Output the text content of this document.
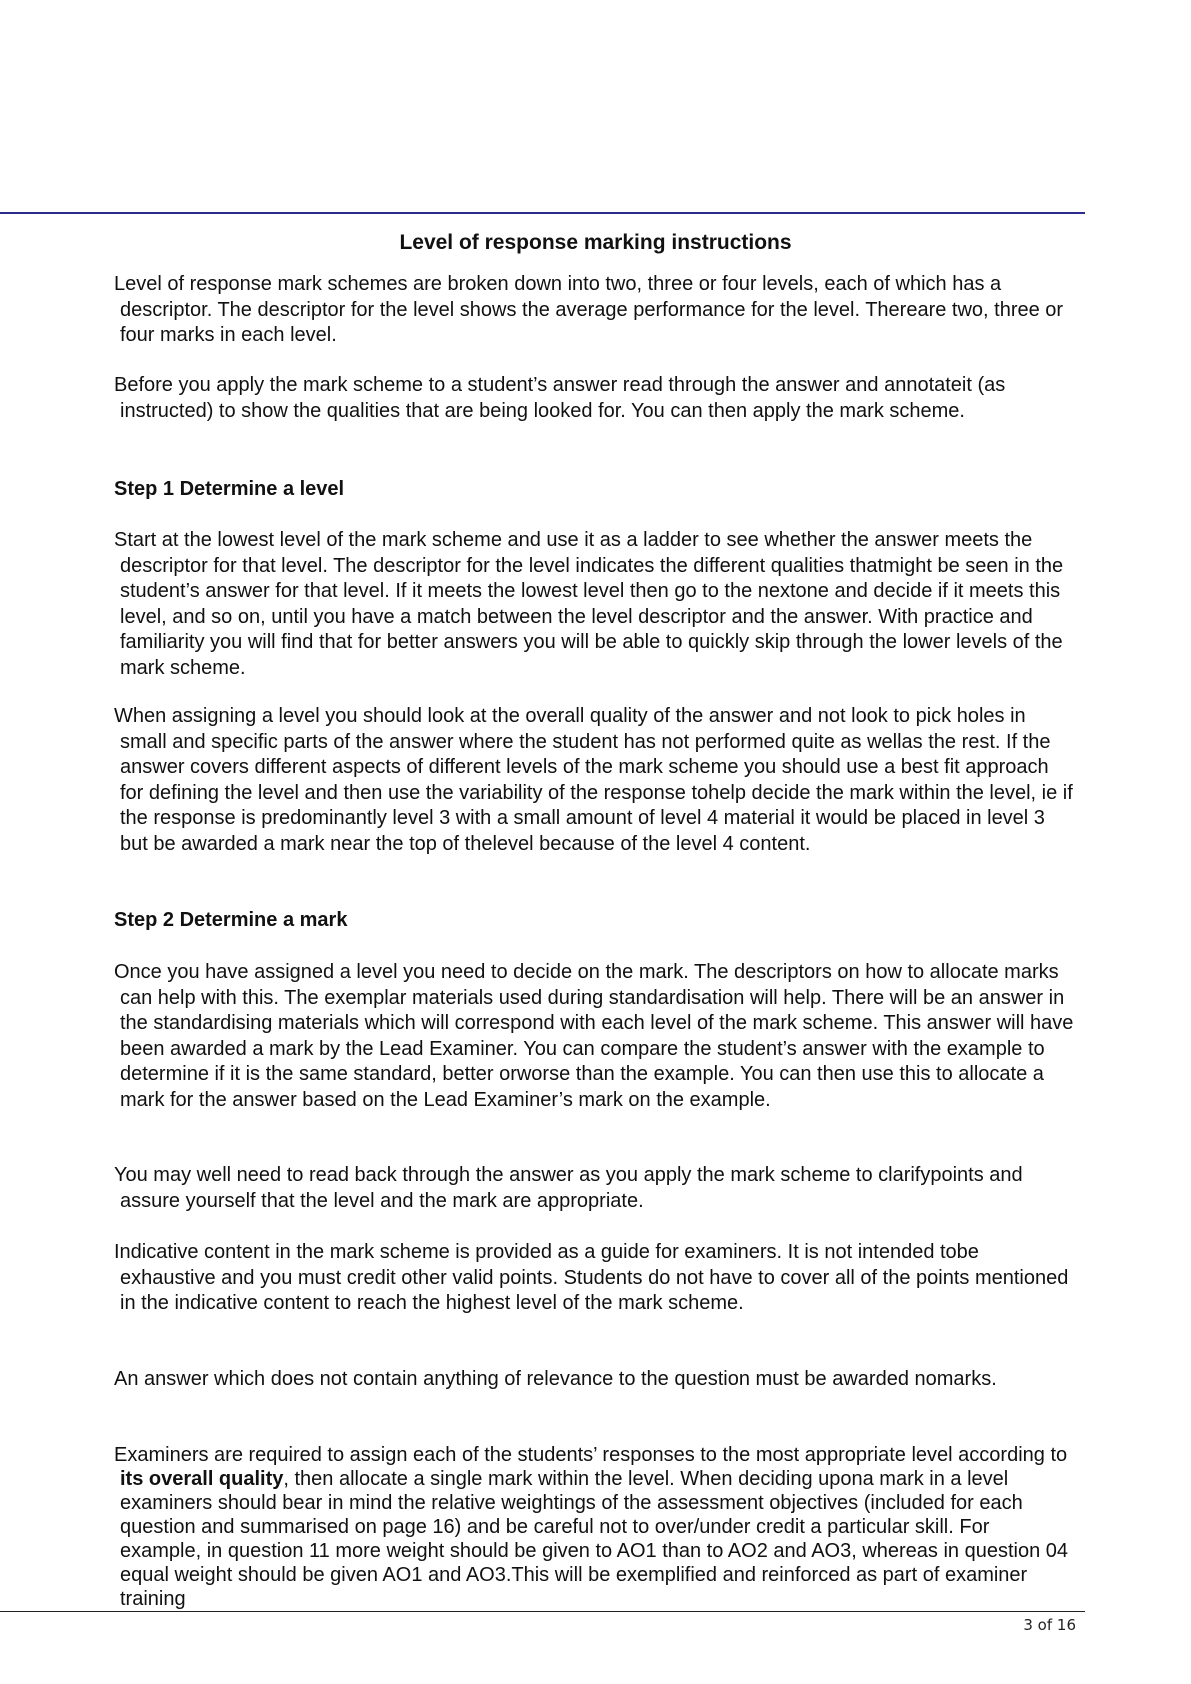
Level of response marking instructions

Level of response mark schemes are broken down into two, three or four levels, each of which has a descriptor. The descriptor for the level shows the average performance for the level. Thereare two, three or four marks in each level.

Before you apply the mark scheme to a student’s answer read through the answer and annotateit (as instructed) to show the qualities that are being looked for. You can then apply the mark scheme.

Step 1 Determine a level

Start at the lowest level of the mark scheme and use it as a ladder to see whether the answer meets the descriptor for that level. The descriptor for the level indicates the different qualities thatmight be seen in the student’s answer for that level. If it meets the lowest level then go to the nextone and decide if it meets this level, and so on, until you have a match between the level descriptor and the answer. With practice and familiarity you will find that for better answers you will be able to quickly skip through the lower levels of the mark scheme.

When assigning a level you should look at the overall quality of the answer and not look to pick holes in small and specific parts of the answer where the student has not performed quite as wellas the rest. If the answer covers different aspects of different levels of the mark scheme you should use a best fit approach for defining the level and then use the variability of the response tohelp decide the mark within the level, ie if the response is predominantly level 3 with a small amount of level 4 material it would be placed in level 3 but be awarded a mark near the top of thelevel because of the level 4 content.

Step 2 Determine a mark

Once you have assigned a level you need to decide on the mark. The descriptors on how to allocate marks can help with this. The exemplar materials used during standardisation will help. There will be an answer in the standardising materials which will correspond with each level of the mark scheme. This answer will have been awarded a mark by the Lead Examiner. You can compare the student’s answer with the example to determine if it is the same standard, better orworse than the example. You can then use this to allocate a mark for the answer based on the Lead Examiner’s mark on the example.

You may well need to read back through the answer as you apply the mark scheme to clarifypoints and assure yourself that the level and the mark are appropriate.

Indicative content in the mark scheme is provided as a guide for examiners. It is not intended tobe exhaustive and you must credit other valid points. Students do not have to cover all of the points mentioned in the indicative content to reach the highest level of the mark scheme.

An answer which does not contain anything of relevance to the question must be awarded nomarks.

Examiners are required to assign each of the students’ responses to the most appropriate level according to its overall quality, then allocate a single mark within the level. When deciding upona mark in a level examiners should bear in mind the relative weightings of the assessment objectives (included for each question and summarised on page 16) and be careful not to over/under credit a particular skill. For example, in question 11 more weight should be given to AO1 than to AO2 and AO3, whereas in question 04 equal weight should be given AO1 and AO3.This will be exemplified and reinforced as part of examiner training

3 of 16
